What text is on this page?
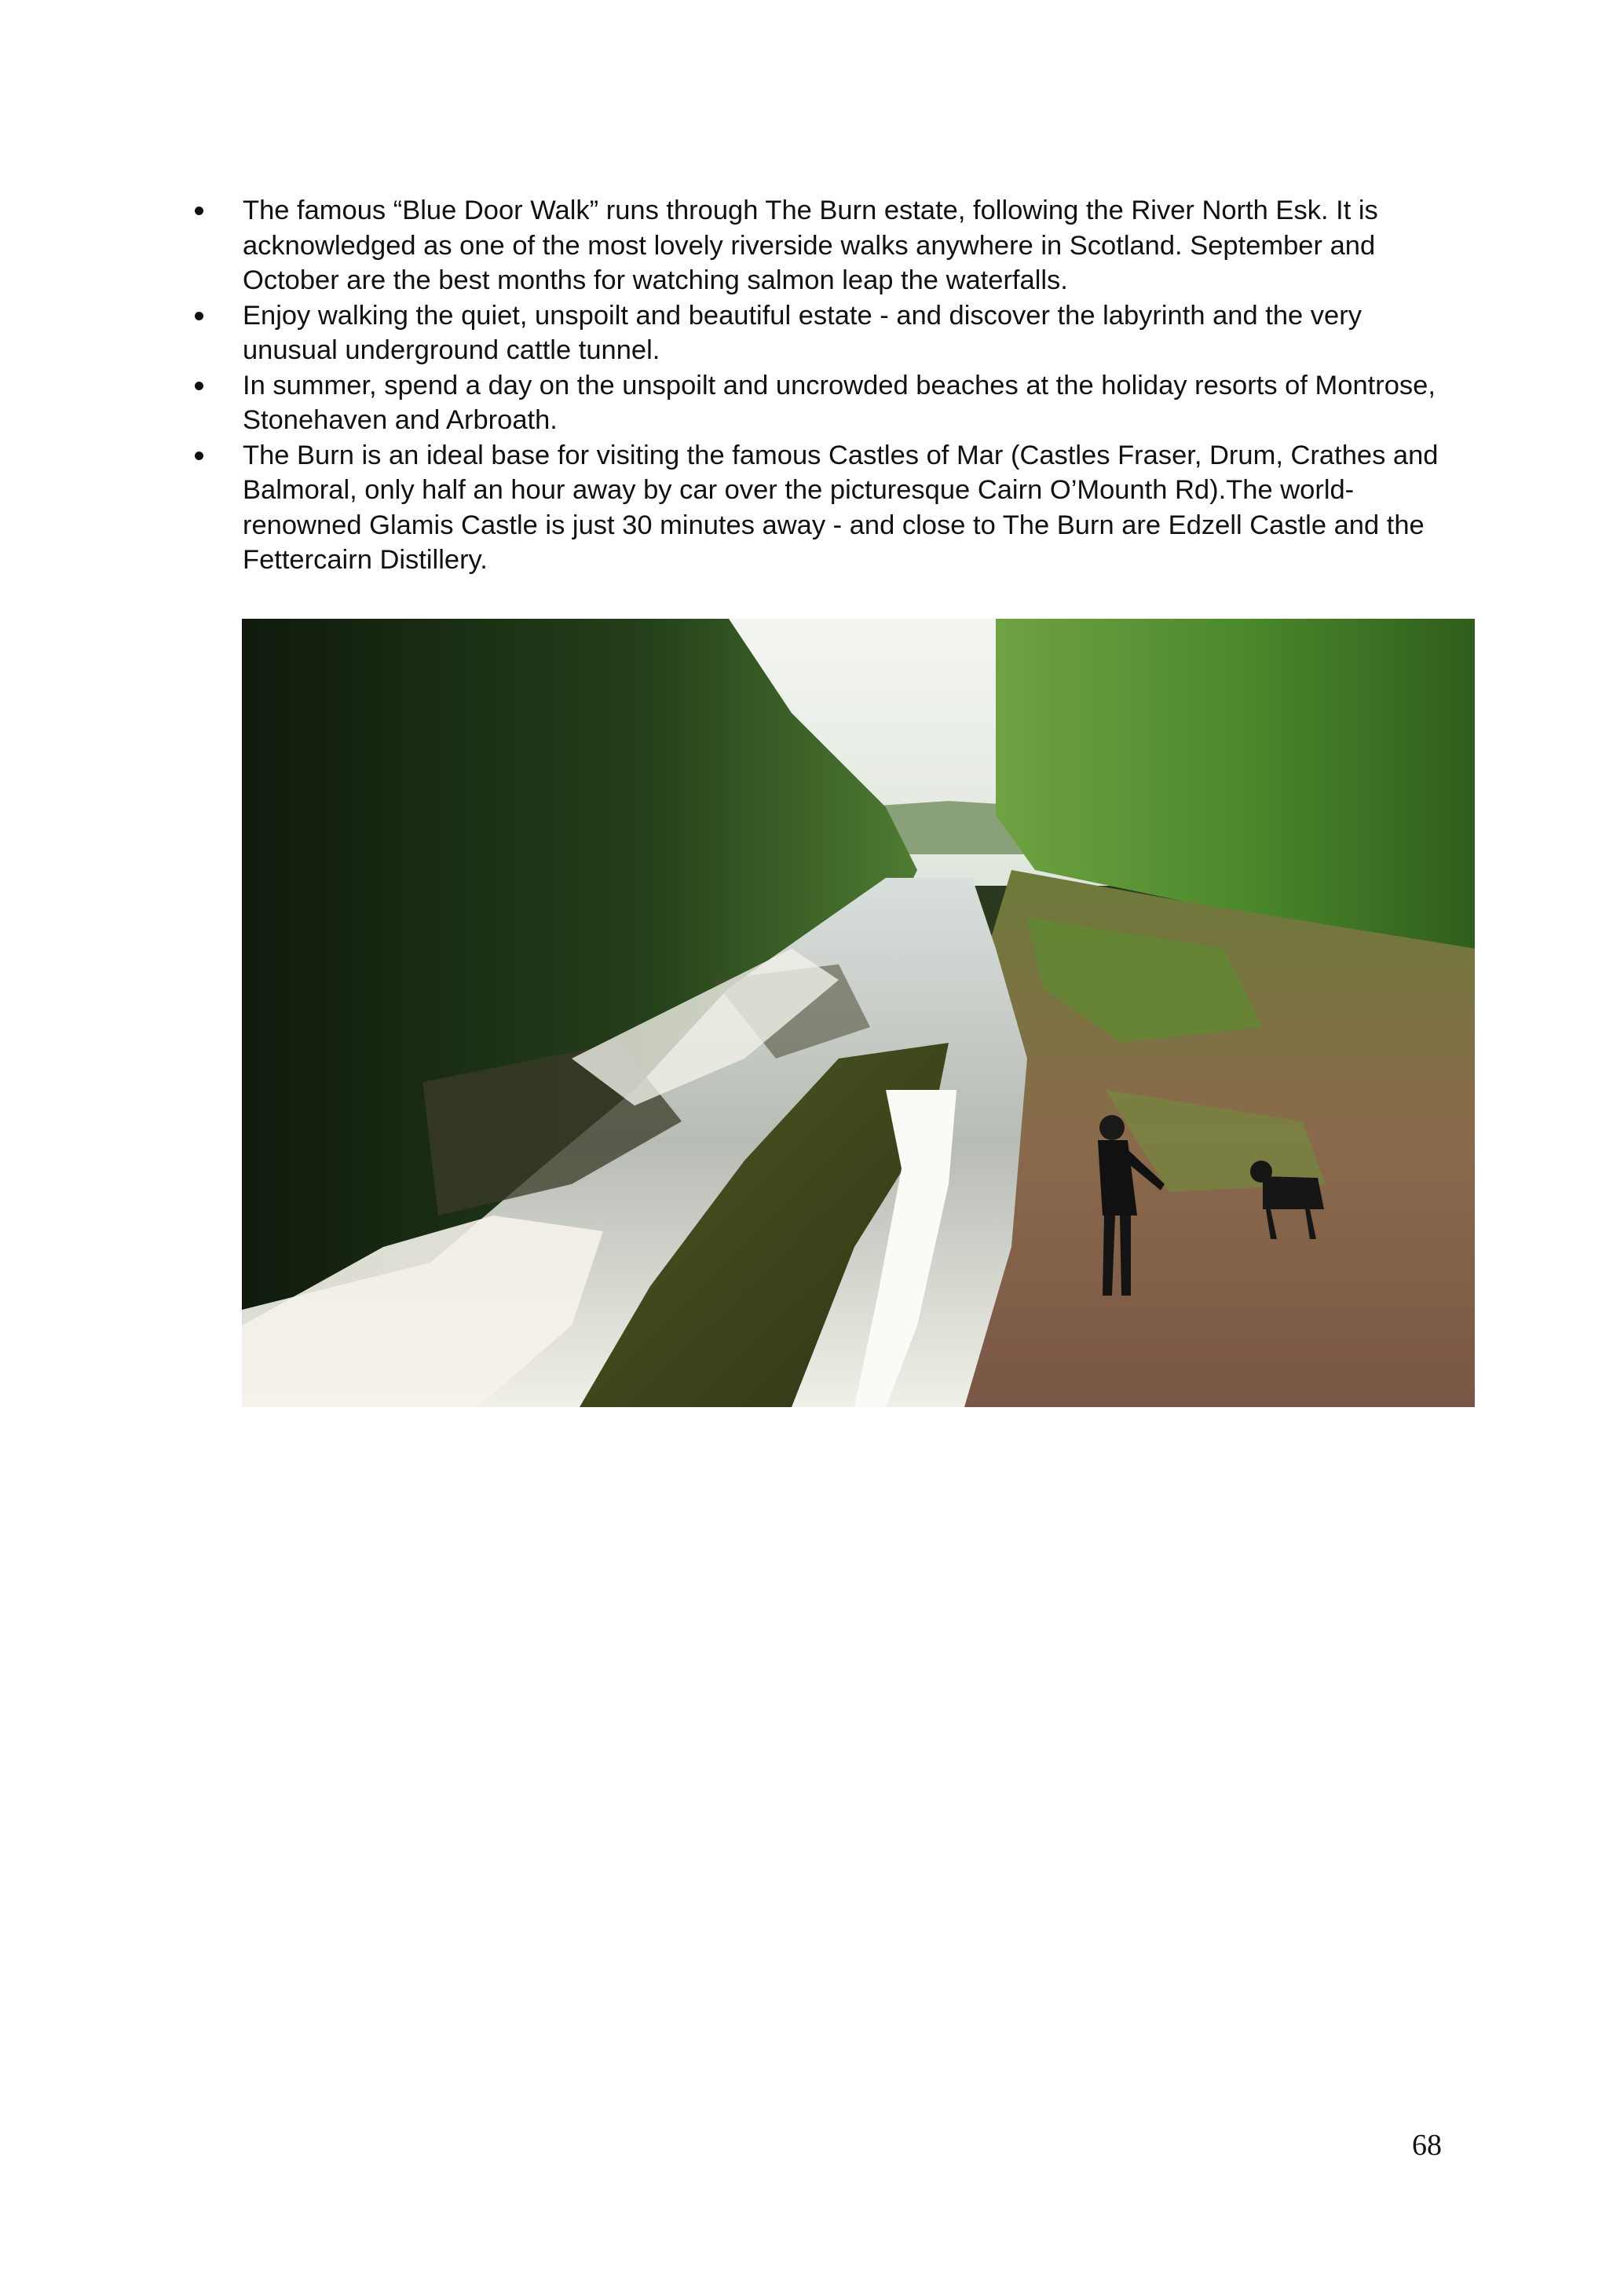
The famous “Blue Door Walk” runs through The Burn estate, following the River North Esk. It is acknowledged as one of the most lovely riverside walks anywhere in Scotland. September and October are the best months for watching salmon leap the waterfalls.
Enjoy walking the quiet, unspoilt and beautiful estate - and discover the labyrinth and the very unusual underground cattle tunnel.
In summer, spend a day on the unspoilt and uncrowded beaches at the holiday resorts of Montrose, Stonehaven and Arbroath.
The Burn is an ideal base for visiting the famous Castles of Mar (Castles Fraser, Drum, Crathes and Balmoral, only half an hour away by car over the picturesque Cairn O’Mounth Rd).The world-renowned Glamis Castle is just 30 minutes away - and close to The Burn are Edzell Castle and the Fettercairn Distillery.
68
